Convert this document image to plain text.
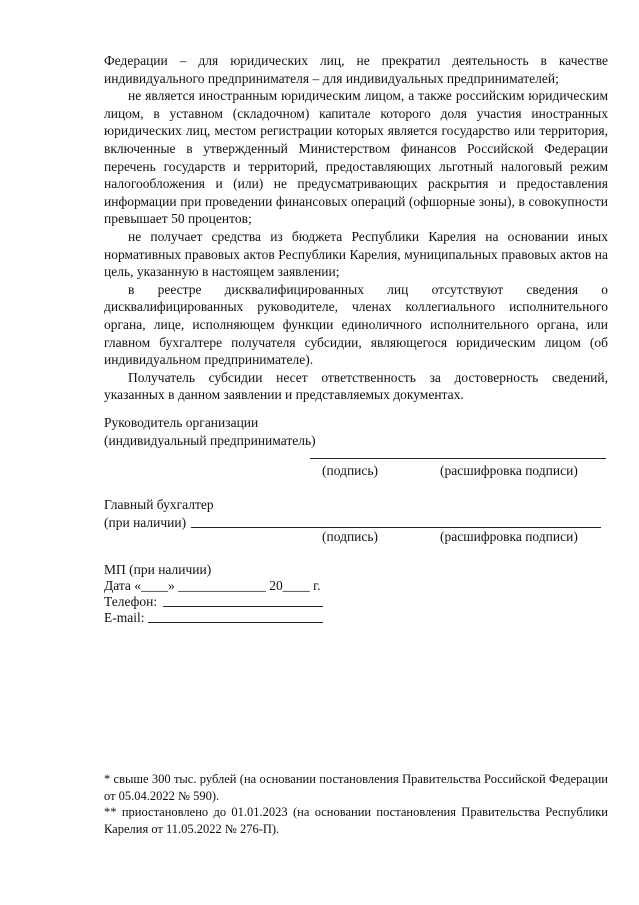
Федерации – для юридических лиц, не прекратил деятельность в качестве индивидуального предпринимателя – для индивидуальных предпринимателей;

не является иностранным юридическим лицом, а также российским юридическим лицом, в уставном (складочном) капитале которого доля участия иностранных юридических лиц, местом регистрации которых является государство или территория, включенные в утвержденный Министерством финансов Российской Федерации перечень государств и территорий, предоставляющих льготный налоговый режим налогообложения и (или) не предусматривающих раскрытия и предоставления информации при проведении финансовых операций (офшорные зоны), в совокупности превышает 50 процентов;

не получает средства из бюджета Республики Карелия на основании иных нормативных правовых актов Республики Карелия, муниципальных правовых актов на цель, указанную в настоящем заявлении;

в реестре дисквалифицированных лиц отсутствуют сведения о дисквалифицированных руководителе, членах коллегиального исполнительного органа, лице, исполняющем функции единоличного исполнительного органа, или главном бухгалтере получателя субсидии, являющегося юридическим лицом (об индивидуальном предпринимателе).

Получатель субсидии несет ответственность за достоверность сведений, указанных в данном заявлении и представляемых документах.

Руководитель организации
(индивидуальный предприниматель)
(подпись)	(расшифровка подписи)
Главный бухгалтер
(при наличии)
(подпись)	(расшифровка подписи)
МП (при наличии)
Дата «____» _____________ 20____ г.
Телефон:
E-mail:

* свыше 300 тыс. рублей (на основании постановления Правительства Российской Федерации от 05.04.2022 № 590).

** приостановлено до 01.01.2023 (на основании постановления Правительства Республики Карелия от 11.05.2022 № 276-П).
